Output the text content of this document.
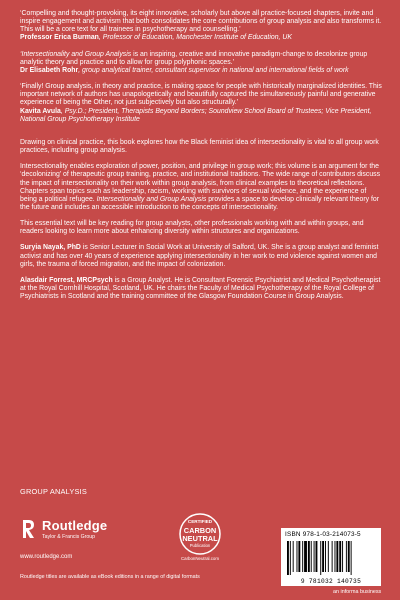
‘Compelling and thought-provoking, its eight innovative, scholarly but above all practice-focused chapters, invite and inspire engagement and activism that both consolidates the core contributions of group analysis and also transforms it. This will be a core text for all trainees in psychotherapy and counselling.’
Professor Erica Burman, Professor of Education, Manchester Institute of Education, UK

‘Intersectionality and Group Analysis is an inspiring, creative and innovative paradigm-change to decolonize group analytic theory and practice and to allow for group polyphonic spaces.’
Dr Elisabeth Rohr, group analytical trainer, consultant supervisor in national and international fields of work

‘Finally! Group analysis, in theory and practice, is making space for people with historically marginalized identities. This important network of authors has unapologetically and beautifully captured the simultaneously painful and generative experience of being the Other, not just subjectively but also structurally.’
Kavita Avula, Psy.D.; President, Therapists Beyond Borders; Soundview School Board of Trustees; Vice President, National Group Psychotherapy Institute

Drawing on clinical practice, this book explores how the Black feminist idea of intersectionality is vital to all group work practices, including group analysis.

Intersectionality enables exploration of power, position, and privilege in group work; this volume is an argument for the ‘decolonizing’ of therapeutic group training, practice, and institutional traditions. The wide range of contributors discuss the impact of intersectionality on their work within group analysis, from clinical examples to theoretical reflections. Chapters span topics such as leadership, racism, working with survivors of sexual violence, and the experience of being a political refugee. Intersectionality and Group Analysis provides a space to develop clinically relevant theory for the future and includes an accessible introduction to the concepts of intersectionality.

This essential text will be key reading for group analysts, other professionals working with and within groups, and readers looking to learn more about enhancing diversity within structures and organizations.

Suryia Nayak, PhD is Senior Lecturer in Social Work at University of Salford, UK. She is a group analyst and feminist activist and has over 40 years of experience applying intersectionality in her work to end violence against women and girls, the trauma of forced migration, and the impact of colonization.

Alasdair Forrest, MRCPsych is a Group Analyst. He is Consultant Forensic Psychiatrist and Medical Psychotherapist at the Royal Cornhill Hospital, Scotland, UK. He chairs the Faculty of Medical Psychotherapy of the Royal College of Psychiatrists in Scotland and the training committee of the Glasgow Foundation Course in Group Analysis.

GROUP ANALYSIS
Routledge
Taylor & Francis Group
www.routledge.com
Routledge titles are available as eBook editions in a range of digital formats
CERTIFIED
CARBON
NEUTRAL
Publication
CarbonNeutral.com
ISBN 978-1-03-214073-5
9 781032 140735
an informa business
